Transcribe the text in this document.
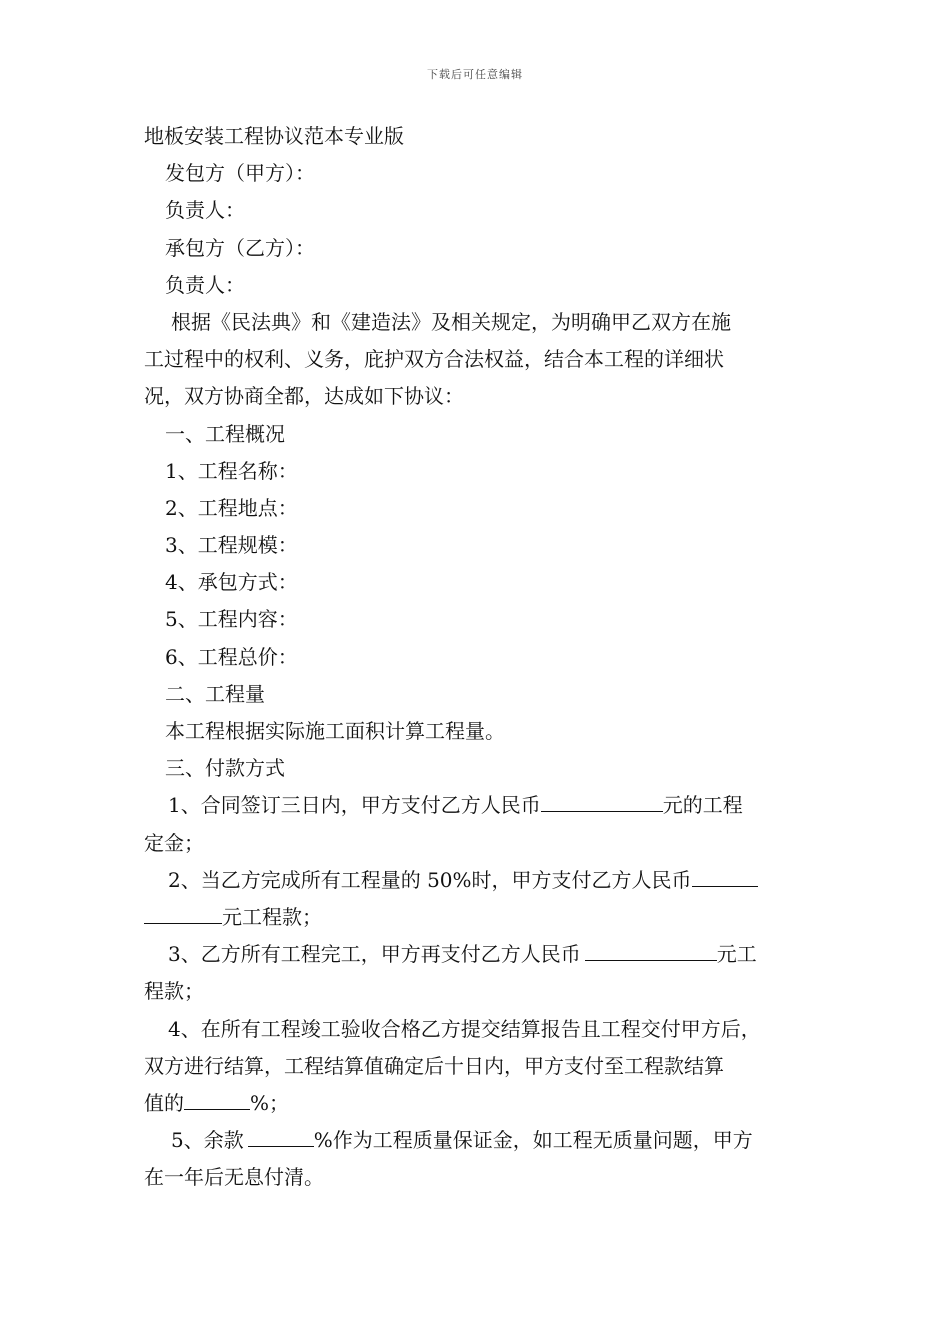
下载后可任意编辑
地板安装工程协议范本专业版
发包方（甲方）：
负责人：
承包方（乙方）：
负责人：
根据《民法典》和《建造法》及相关规定，为明确甲乙双方在施
工过程中的权利、义务，庇护双方合法权益，结合本工程的详细状
况，双方协商全都，达成如下协议：
一、工程概况
1、工程名称：
2、工程地点：
3、工程规模：
4、承包方式：
5、工程内容：
6、工程总价：
二、工程量
本工程根据实际施工面积计算工程量。
三、付款方式
1、合同签订三日内，甲方支付乙方人民币	元的工程
定金；
2、当乙方完成所有工程量的 50%时，甲方支付乙方人民币
元工程款；
3、乙方所有工程完工，甲方再支付乙方人民币	元工
程款；
4、在所有工程竣工验收合格乙方提交结算报告且工程交付甲方后，
双方进行结算，工程结算值确定后十日内，甲方支付至工程款结算
值的	%；
5、余款	%作为工程质量保证金，如工程无质量问题，甲方
在一年后无息付清。
